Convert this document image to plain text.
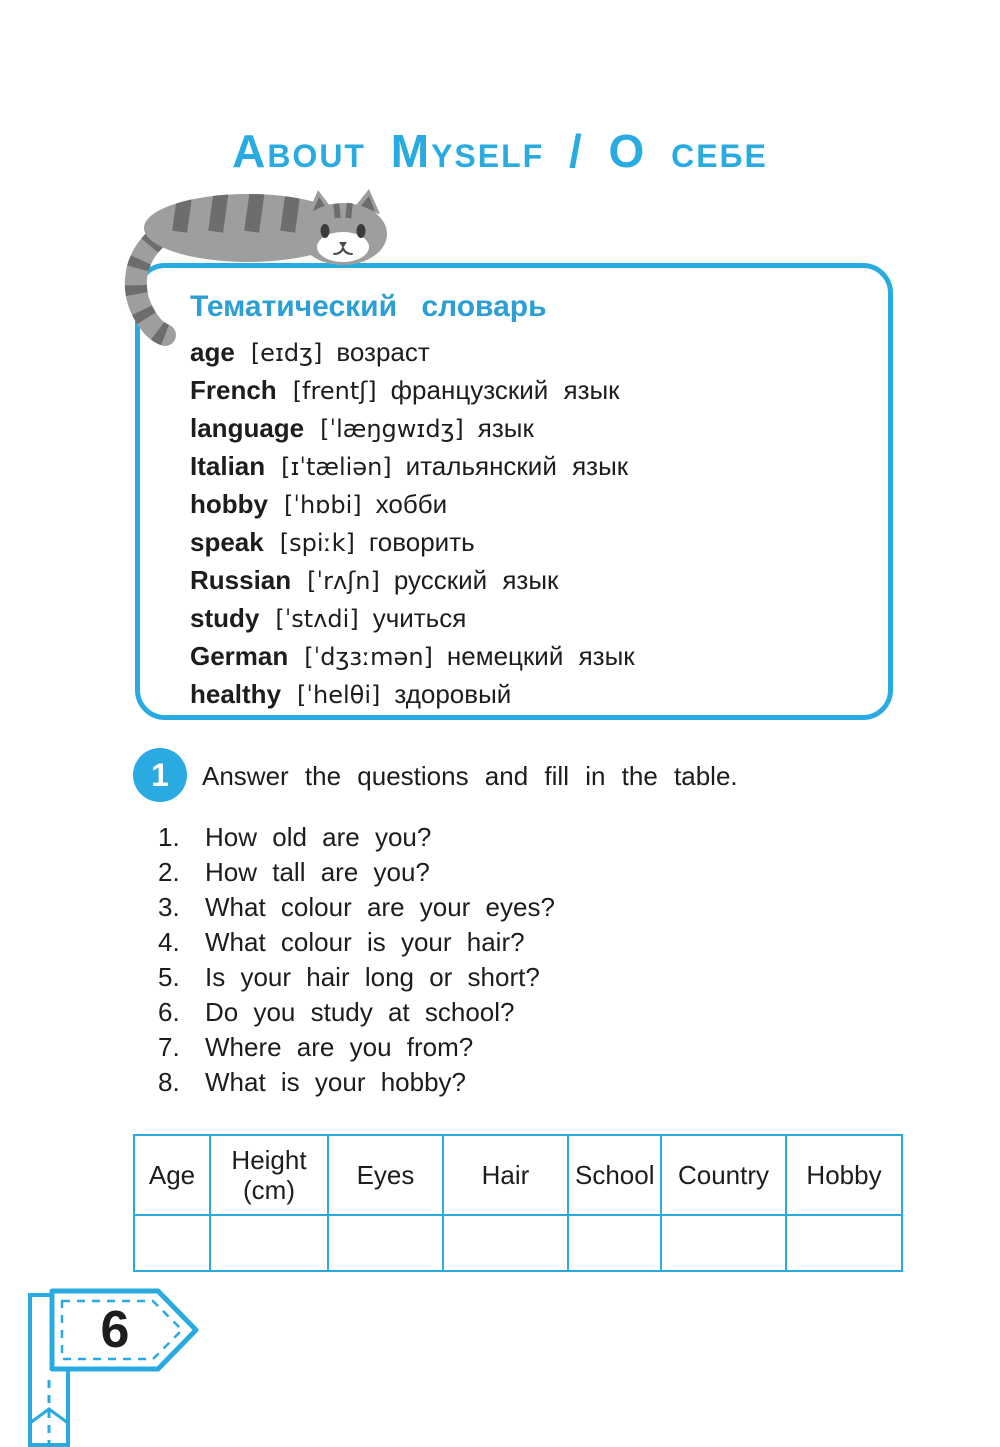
About Myself / О себе
Тематический словарь
age [eɪdʒ] возраст
French [frentʃ] французский язык
language [ˈlæŋgwɪdʒ] язык
Italian [ɪˈtæliən] итальянский язык
hobby [ˈhɒbi] хобби
speak [spiːk] говорить
Russian [ˈrʌʃn] русский язык
study [ˈstʌdi] учиться
German [ˈdʒɜːmən] немецкий язык
healthy [ˈhelθi] здоровый
1 Answer the questions and fill in the table.
1. How old are you?
2. How tall are you?
3. What colour are your eyes?
4. What colour is your hair?
5. Is your hair long or short?
6. Do you study at school?
7. Where are you from?
8. What is your hobby?
Age	Height (cm)	Eyes	Hair	School	Country	Hobby

6
